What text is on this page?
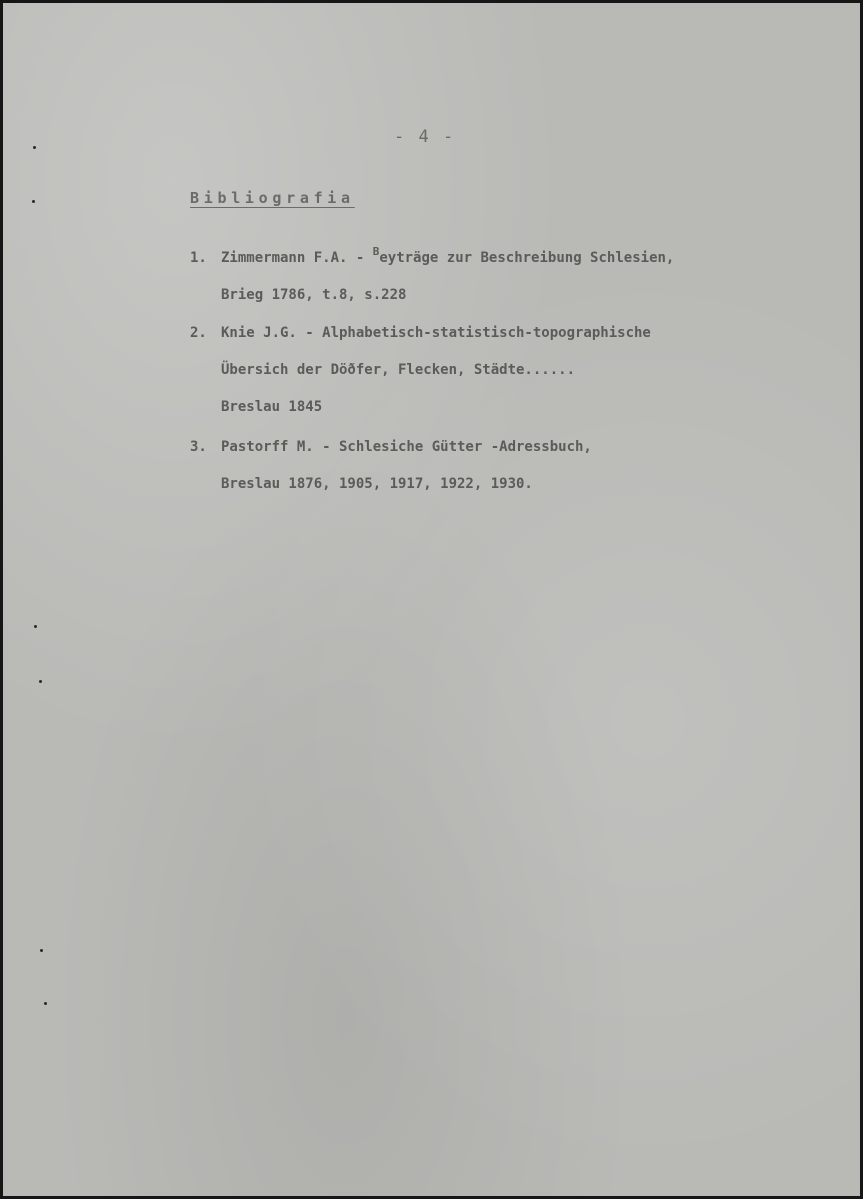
- 4 -
Bibliografia
1. Zimmermann F.A. - $^B$eyträge zur Beschreibung Schlesien,
Brieg 1786, t.8, s.228
2. Knie J.G. - Alphabetisch-statistisch-topographische
Übersich der Döðfer, Flecken, Städte......
Breslau 1845
3. Pastorff M. - Schlesiche Gütter -Adressbuch,
Breslau 1876, 1905, 1917, 1922, 1930.
